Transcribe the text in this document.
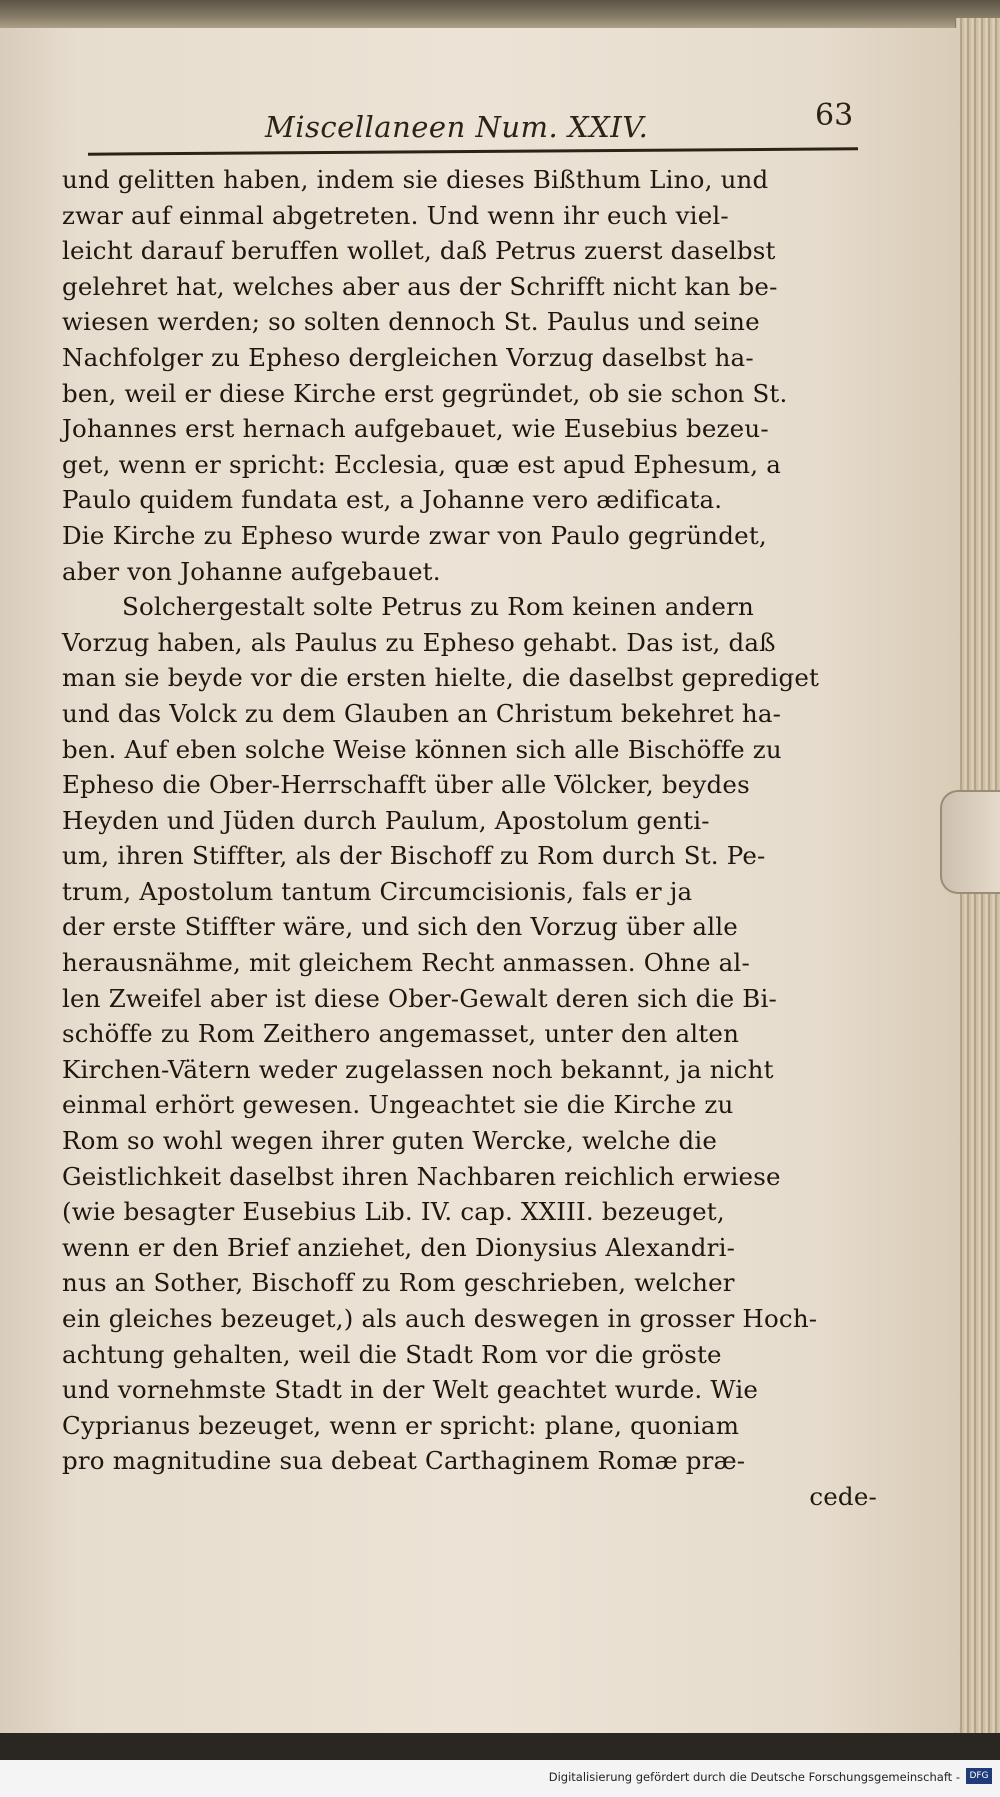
Miscellaneen Num. XXIV.	63
und gelitten haben, indem sie dieses Bißthum Lino, und
zwar auf einmal abgetreten. Und wenn ihr euch viel-
leicht darauf beruffen wollet, daß Petrus zuerst daselbst
gelehret hat, welches aber aus der Schrifft nicht kan be-
wiesen werden; so solten dennoch St. Paulus und seine
Nachfolger zu Epheso dergleichen Vorzug daselbst ha-
ben, weil er diese Kirche erst gegründet, ob sie schon St.
Johannes erst hernach aufgebauet, wie Eusebius bezeu-
get, wenn er spricht: Ecclesia, quæ est apud Ephesum, a
Paulo quidem fundata est, a Johanne vero ædificata.
Die Kirche zu Epheso wurde zwar von Paulo gegründet,
aber von Johanne aufgebauet.
Solchergestalt solte Petrus zu Rom keinen andern
Vorzug haben, als Paulus zu Epheso gehabt. Das ist, daß
man sie beyde vor die ersten hielte, die daselbst geprediget
und das Volck zu dem Glauben an Christum bekehret ha-
ben. Auf eben solche Weise können sich alle Bischöffe zu
Epheso die Ober-Herrschafft über alle Völcker, beydes
Heyden und Jüden durch Paulum, Apostolum genti-
um, ihren Stiffter, als der Bischoff zu Rom durch St. Pe-
trum, Apostolum tantum Circumcisionis, fals er ja
der erste Stiffter wäre, und sich den Vorzug über alle
herausnähme, mit gleichem Recht anmassen. Ohne al-
len Zweifel aber ist diese Ober-Gewalt deren sich die Bi-
schöffe zu Rom Zeithero angemasset, unter den alten
Kirchen-Vätern weder zugelassen noch bekannt, ja nicht
einmal erhört gewesen. Ungeachtet sie die Kirche zu
Rom so wohl wegen ihrer guten Wercke, welche die
Geistlichkeit daselbst ihren Nachbaren reichlich erwiese
(wie besagter Eusebius Lib. IV. cap. XXIII. bezeuget,
wenn er den Brief anziehet, den Dionysius Alexandri-
nus an Sother, Bischoff zu Rom geschrieben, welcher
ein gleiches bezeuget,) als auch deswegen in grosser Hoch-
achtung gehalten, weil die Stadt Rom vor die gröste
und vornehmste Stadt in der Welt geachtet wurde. Wie
Cyprianus bezeuget, wenn er spricht: plane, quoniam
pro magnitudine sua debeat Carthaginem Romæ præ-
cede-
Digitalisierung gefördert durch die Deutsche Forschungsgemeinschaft -	DFG
